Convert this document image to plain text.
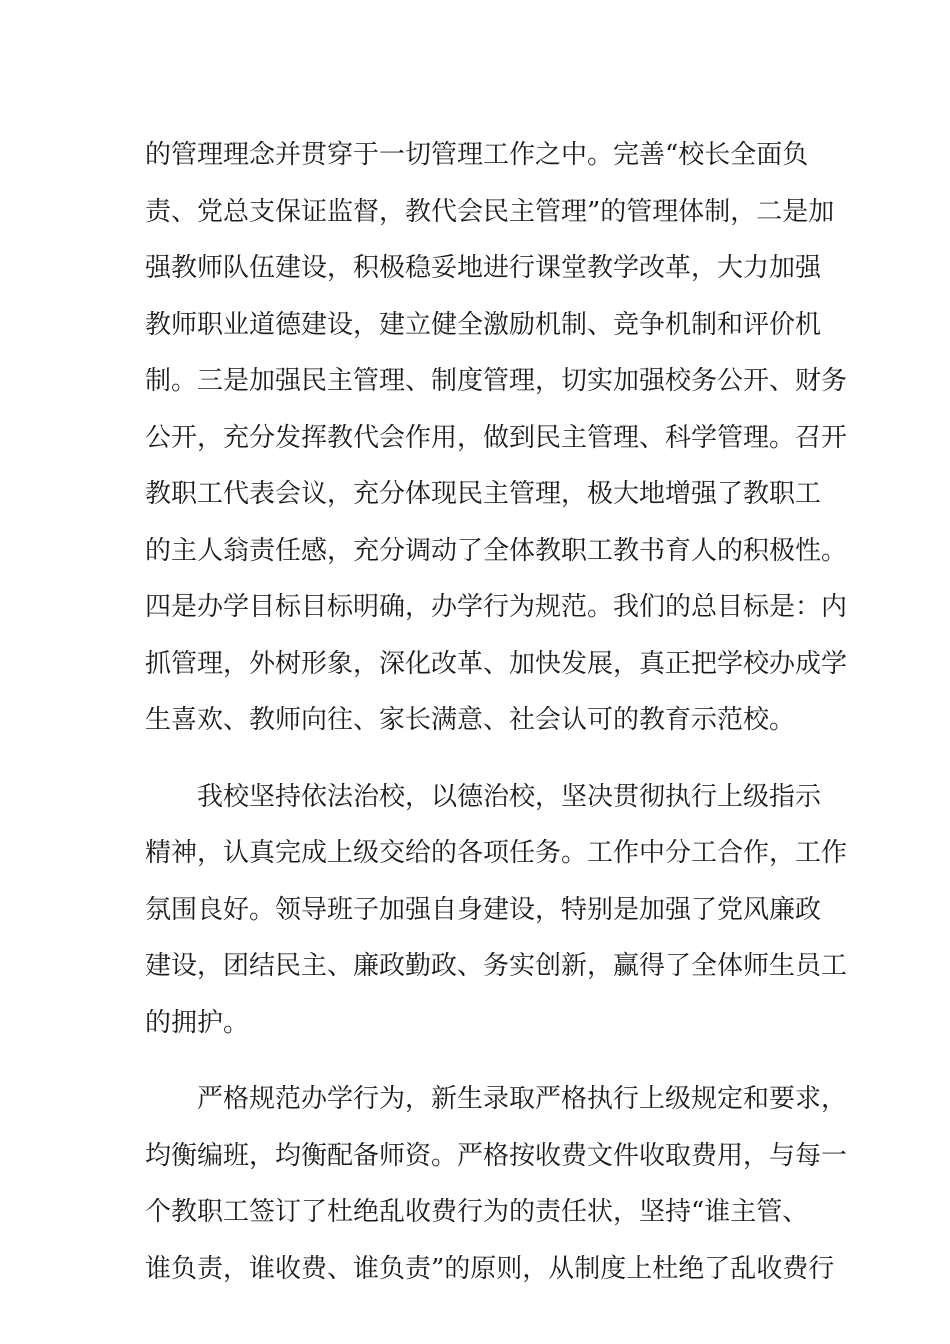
的管理理念并贯穿于一切管理工作之中。完善“校长全面负
责、党总支保证监督，教代会民主管理”的管理体制，二是加
强教师队伍建设，积极稳妥地进行课堂教学改革，大力加强
教师职业道德建设，建立健全激励机制、竞争机制和评价机
制。三是加强民主管理、制度管理，切实加强校务公开、财务
公开，充分发挥教代会作用，做到民主管理、科学管理。召开
教职工代表会议，充分体现民主管理，极大地增强了教职工
的主人翁责任感，充分调动了全体教职工教书育人的积极性。
四是办学目标目标明确，办学行为规范。我们的总目标是：内
抓管理，外树形象，深化改革、加快发展，真正把学校办成学
生喜欢、教师向往、家长满意、社会认可的教育示范校。
我校坚持依法治校，以德治校，坚决贯彻执行上级指示
精神，认真完成上级交给的各项任务。工作中分工合作，工作
氛围良好。领导班子加强自身建设，特别是加强了党风廉政
建设，团结民主、廉政勤政、务实创新，赢得了全体师生员工
的拥护。
严格规范办学行为，新生录取严格执行上级规定和要求，
均衡编班，均衡配备师资。严格按收费文件收取费用，与每一
个教职工签订了杜绝乱收费行为的责任状，坚持“谁主管、
谁负责，谁收费、谁负责”的原则，从制度上杜绝了乱收费行
